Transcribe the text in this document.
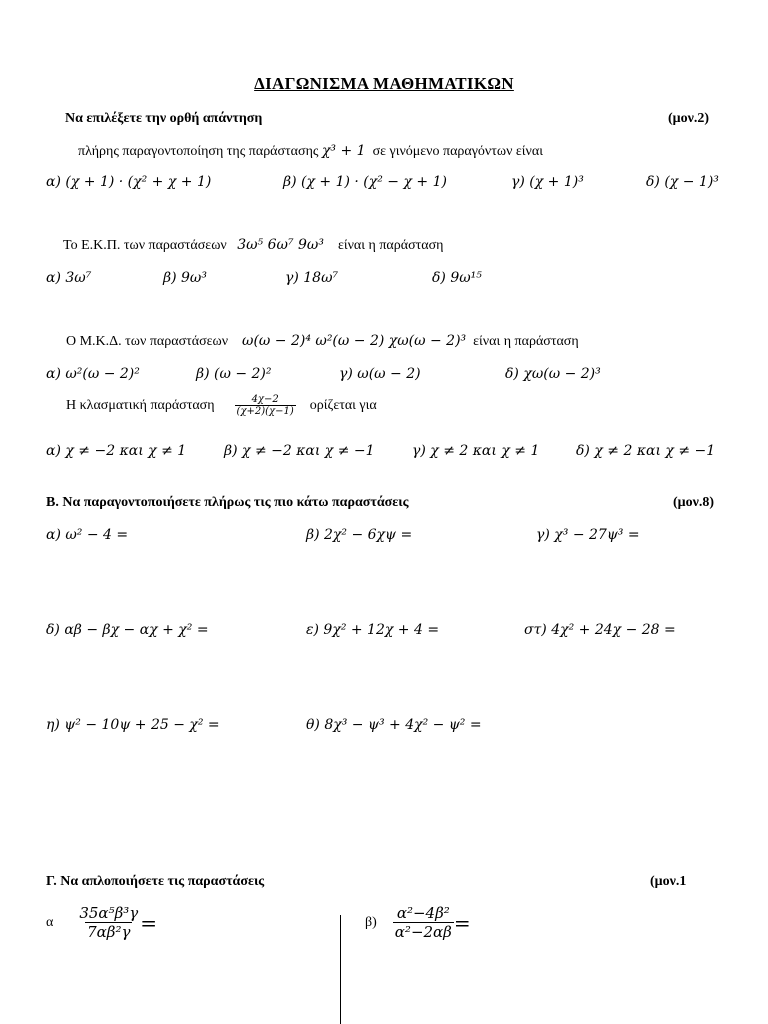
ΔΙΑΓΩΝΙΣΜΑ ΜΑΘΗΜΑΤΙΚΩΝ
Να επιλέξετε την ορθή απάντηση	(μον.2)
πλήρης παραγοντοποίηση της παράστασης χ³ + 1 σε γινόμενο παραγόντων είναι
α) (χ + 1) · (χ² + χ + 1)	β) (χ + 1) · (χ² − χ + 1)	γ) (χ + 1)³	δ) (χ − 1)³
Το Ε.Κ.Π. των παραστάσεων 3ω⁵ 6ω⁷ 9ω³ είναι η παράσταση
α) 3ω⁷	β) 9ω³	γ) 18ω⁷	δ) 9ω¹⁵
Ο Μ.Κ.Δ. των παραστάσεων ω(ω − 2)⁴ ω²(ω − 2) χω(ω − 2)³ είναι η παράσταση
α) ω²(ω − 2)²	β) (ω − 2)²	γ) ω(ω − 2)	δ) χω(ω − 2)³
Η κλασματική παράσταση $\frac{4\chi-2}{(\chi+2)(\chi-1)}$ ορίζεται για
α) χ ≠ −2 και χ ≠ 1	β) χ ≠ −2 και χ ≠ −1	γ) χ ≠ 2 και χ ≠ 1	δ) χ ≠ 2 και χ ≠ −1
Β. Να παραγοντοποιήσετε πλήρως τις πιο κάτω παραστάσεις	(μον.8)
α) ω² − 4 =	β) 2χ² − 6χψ =	γ) χ³ − 27ψ³ =
δ) αβ − βχ − αχ + χ² =	ε) 9χ² + 12χ + 4 =	στ) 4χ² + 24χ − 28 =
η) ψ² − 10ψ + 25 − χ² =	θ) 8χ³ − ψ³ + 4χ² − ψ² =
Γ. Να απλοποιήσετε τις παραστάσεις	(μον.1
α $\frac{\text{35α⁵β³γ}}{\text{7αβ²γ}}$ =	$\beta) \frac{\text{α²−4β²}}{\text{α²−2αβ}}$ =
